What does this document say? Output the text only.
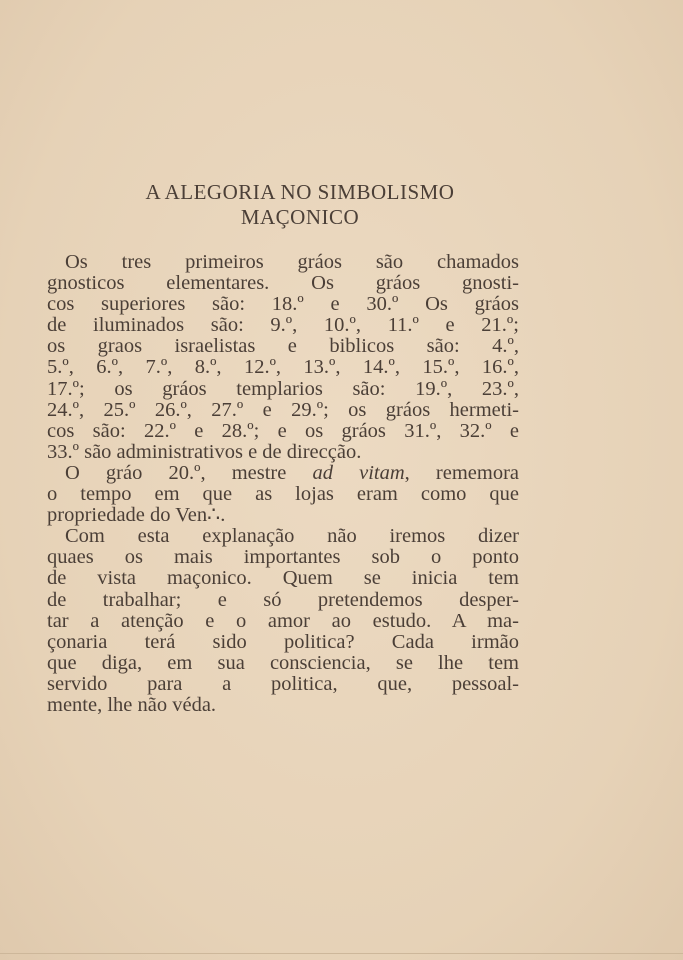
A ALEGORIA NO SIMBOLISMO
MAÇONICO
Os tres primeiros gráos são chamados
gnosticos elementares. Os gráos gnosti-
cos superiores são: 18.º e 30.º Os gráos
de iluminados são: 9.º, 10.º, 11.º e 21.º;
os graos israelistas e biblicos são: 4.º,
5.º, 6.º, 7.º, 8.º, 12.º, 13.º, 14.º, 15.º, 16.º,
17.º; os gráos templarios são: 19.º, 23.º,
24.º, 25.º 26.º, 27.º e 29.º; os gráos hermeti-
cos são: 22.º e 28.º; e os gráos 31.º, 32.º e
33.º são administrativos e de direcção.
O gráo 20.º, mestre ad vitam, rememora
o tempo em que as lojas eram como que
propriedade do Ven∴.
Com esta explanação não iremos dizer
quaes os mais importantes sob o ponto
de vista maçonico. Quem se inicia tem
de trabalhar; e só pretendemos desper-
tar a atenção e o amor ao estudo. A ma-
çonaria terá sido politica? Cada irmão
que diga, em sua consciencia, se lhe tem
servido para a politica, que, pessoal-
mente, lhe não véda.
